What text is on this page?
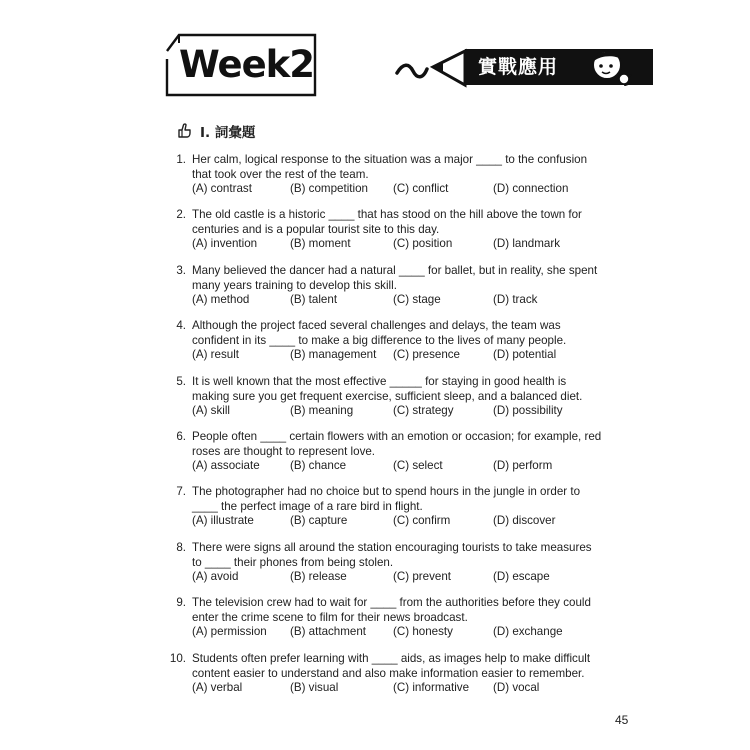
Week2	實戰應用
I. 詞彙題
1. Her calm, logical response to the situation was a major ____ to the confusion that took over the rest of the team.
(A) contrast	(B) competition (C) conflict	(D) connection
2. The old castle is a historic ____ that has stood on the hill above the town for centuries and is a popular tourist site to this day.
(A) invention	(B) moment	(C) position	(D) landmark
3. Many believed the dancer had a natural ____ for ballet, but in reality, she spent many years training to develop this skill.
(A) method	(B) talent	(C) stage	(D) track
4. Although the project faced several challenges and delays, the team was confident in its ____ to make a big difference to the lives of many people.
(A) result	(B) management (C) presence	(D) potential
5. It is well known that the most effective _____ for staying in good health is making sure you get frequent exercise, sufficient sleep, and a balanced diet.
(A) skill	(B) meaning	(C) strategy	(D) possibility
6. People often ____ certain flowers with an emotion or occasion; for example, red roses are thought to represent love.
(A) associate	(B) chance	(C) select	(D) perform
7. The photographer had no choice but to spend hours in the jungle in order to ____ the perfect image of a rare bird in flight.
(A) illustrate	(B) capture	(C) confirm	(D) discover
8. There were signs all around the station encouraging tourists to take measures to ____ their phones from being stolen.
(A) avoid	(B) release	(C) prevent	(D) escape
9. The television crew had to wait for ____ from the authorities before they could enter the crime scene to film for their news broadcast.
(A) permission (B) attachment (C) honesty	(D) exchange
10. Students often prefer learning with ____ aids, as images help to make difficult content easier to understand and also make information easier to remember.
(A) verbal	(B) visual	(C) informative (D) vocal
45
